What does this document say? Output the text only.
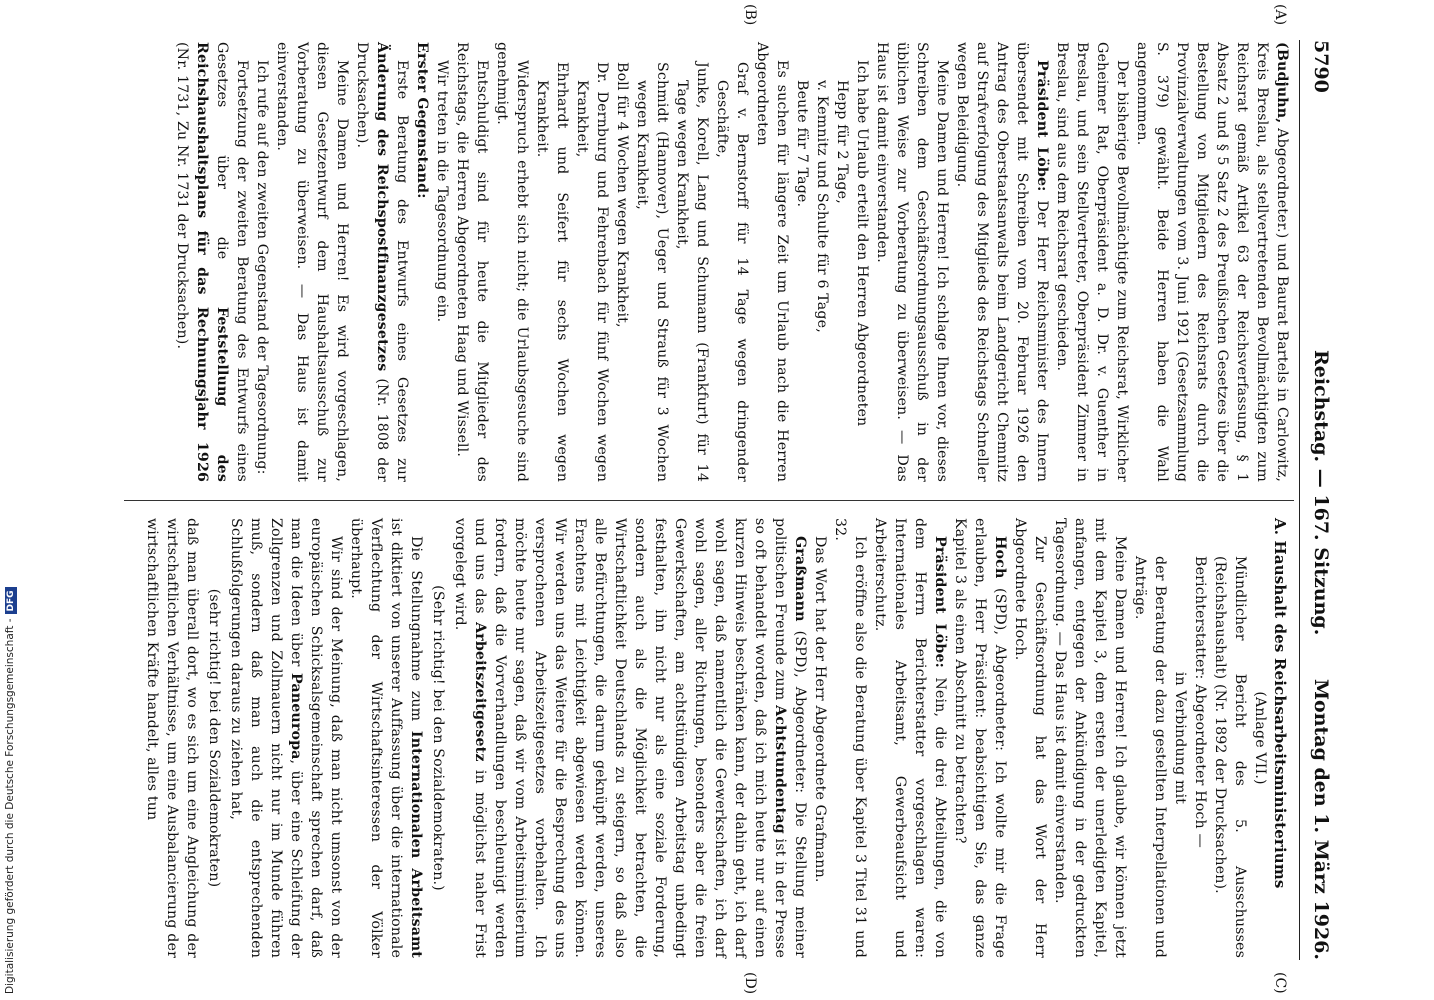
5790
Reichstag. — 167. Sitzung.
Montag den 1. März 1926.
(A)
(B)
(C)
(D)

(Budjuhn, Abgeordneter.) und Baurat Bartels in Carlowitz, Kreis Breslau, als stellvertretenden Bevollmächtigten zum Reichsrat gemäß Artikel 63 der Reichsverfassung, § 1 Absatz 2 und § 5 Satz 2 des Preußischen Gesetzes über die Bestellung von Mitgliedern des Reichsrats durch die Provinzialverwaltungen vom 3. Juni 1921 (Gesetzsammlung S. 379) gewählt. Beide Herren haben die Wahl angenommen.

Der bisherige Bevollmächtigte zum Reichsrat, Wirklicher Geheimer Rat, Oberpräsident a. D. Dr. v. Guenther in Breslau, und sein Stellvertreter, Oberpräsident Zimmer in Breslau, sind aus dem Reichsrat geschieden.

Präsident Löbe: Der Herr Reichsminister des Innern übersendet mit Schreiben vom 20. Februar 1926 den Antrag des Oberstaatsanwalts beim Landgericht Chemnitz auf Strafverfolgung des Mitglieds des Reichstags Schneller wegen Beleidigung.

Meine Damen und Herren! Ich schlage Ihnen vor, dieses Schreiben dem Geschäftsordnungsausschuß in der üblichen Weise zur Vorberatung zu überweisen. — Das Haus ist damit einverstanden.

Ich habe Urlaub erteilt den Herren Abgeordneten

Hepp für 2 Tage,

v. Kemnitz und Schulte für 6 Tage,

Beute für 7 Tage.

Es suchen für längere Zeit um Urlaub nach die Herren Abgeordneten

Graf v. Bernstorff für 14 Tage wegen dringender Geschäfte,

Junke, Korell, Lang und Schumann (Frankfurt) für 14 Tage wegen Krankheit,

Schmidt (Hannover), Ueger und Strauß für 3 Wochen wegen Krankheit,

Boll für 4 Wochen wegen Krankheit,

Dr. Dernburg und Fehrenbach für fünf Wochen wegen Krankheit,

Ehrhardt und Seifert für sechs Wochen wegen Krankheit.

Widerspruch erhebt sich nicht; die Urlaubsgesuche sind genehmigt.

Entschuldigt sind für heute die Mitglieder des Reichstags, die Herren Abgeordneten Haag und Wissell.

Wir treten in die Tagesordnung ein.

Erster Gegenstand:

Erste Beratung des Entwurfs eines Gesetzes zur Änderung des Reichspostfinanzgesetzes (Nr. 1808 der Drucksachen).

Meine Damen und Herren! Es wird vorgeschlagen, diesen Gesetzentwurf dem Haushaltsausschuß zur Vorberatung zu überweisen. — Das Haus ist damit einverstanden.

Ich rufe auf den zweiten Gegenstand der Tagesordnung:

Fortsetzung der zweiten Beratung des Entwurfs eines Gesetzes über die Feststellung des Reichshaushaltsplans für das Rechnungsjahr 1926 (Nr. 1731, Zu Nr. 1731 der Drucksachen).

A. Haushalt des Reichsarbeitsministeriums

(Anlage VII.)

Mündlicher Bericht des 5. Ausschusses (Reichshaushalt) (Nr. 1892 der Drucksachen).

Berichterstatter: Abgeordneter Hoch —

in Verbindung mit

der Beratung der dazu gestellten Interpellationen und Anträge.

Meine Damen und Herren! Ich glaube, wir können jetzt mit dem Kapitel 3, dem ersten der unerledigten Kapitel, anfangen, entgegen der Ankündigung in der gedruckten Tagesordnung. — Das Haus ist damit einverstanden.

Zur Geschäftsordnung hat das Wort der Herr Abgeordnete Hoch.

Hoch (SPD), Abgeordneter: Ich wollte mir die Frage erlauben, Herr Präsident: beabsichtigen Sie, das ganze Kapitel 3 als einen Abschnitt zu betrachten?

Präsident Löbe: Nein, die drei Abteilungen, die von dem Herrn Berichterstatter vorgeschlagen waren: Internationales Arbeitsamt, Gewerbeaufsicht und Arbeiterschutz.

Ich eröffne also die Beratung über Kapitel 3 Titel 31 und 32.

Das Wort hat der Herr Abgeordnete Grafmann.

Graßmann (SPD), Abgeordneter: Die Stellung meiner politischen Freunde zum Achtstundentag ist in der Presse so oft behandelt worden, daß ich mich heute nur auf einen kurzen Hinweis beschränken kann, der dahin geht, ich darf wohl sagen, daß namentlich die Gewerkschaften, ich darf wohl sagen, aller Richtungen, besonders aber die freien Gewerkschaften, am achtstündigen Arbeitstag unbedingt festhalten, ihn nicht nur als eine soziale Forderung, sondern auch als die Möglichkeit betrachten, die Wirtschaftlichkeit Deutschlands zu steigern, so daß also alle Befürchtungen, die darum geknüpft werden, unseres Erachtens mit Leichtigkeit abgewiesen werden können. Wir werden uns das Weitere für die Besprechung des uns versprochenen Arbeitszeitgesetzes vorbehalten. Ich möchte heute nur sagen, daß wir vom Arbeitsministerium fordern, daß die Vorverhandlungen beschleunigt werden und uns das Arbeitszeitgesetz in möglichst naher Frist vorgelegt wird.

(Sehr richtig! bei den Sozialdemokraten.)

Die Stellungnahme zum Internationalen Arbeitsamt ist diktiert von unserer Auffassung über die internationale Verflechtung der Wirtschaftsinteressen der Völker überhaupt.

Wir sind der Meinung, daß man nicht umsonst von der europäischen Schicksalsgemeinschaft sprechen darf, daß man die Ideen über Paneuropa, über eine Schleifung der Zollgrenzen und Zollmauern nicht nur im Munde führen muß, sondern daß man auch die entsprechenden Schlußfolgerungen daraus zu ziehen hat,

(sehr richtig! bei den Sozialdemokraten)

daß man überall dort, wo es sich um eine Angleichung der wirtschaftlichen Verhältnisse, um eine Ausbalancierung der wirtschaftlichen Kräfte handelt, alles tun

Digitalisierung gefördert durch die Deutsche Forschungsgemeinschaft -DFG
